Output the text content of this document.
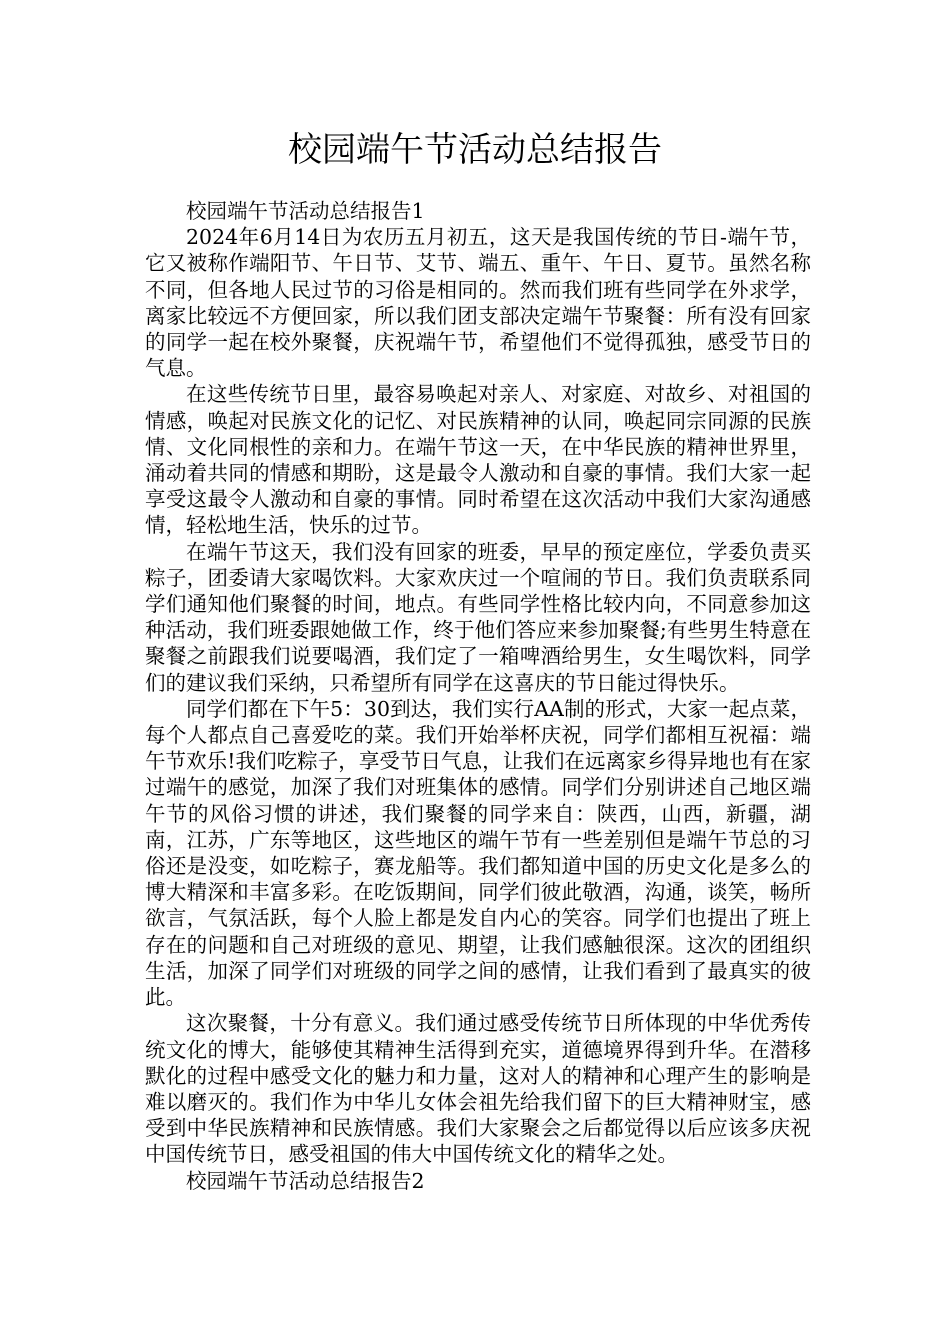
校园端午节活动总结报告

校园端午节活动总结报告1

2024年6月14日为农历五月初五，这天是我国传统的节日-端午节，它又被称作端阳节、午日节、艾节、端五、重午、午日、夏节。虽然名称不同，但各地人民过节的习俗是相同的。然而我们班有些同学在外求学，离家比较远不方便回家，所以我们团支部决定端午节聚餐：所有没有回家的同学一起在校外聚餐，庆祝端午节，希望他们不觉得孤独，感受节日的气息。

在这些传统节日里，最容易唤起对亲人、对家庭、对故乡、对祖国的情感，唤起对民族文化的记忆、对民族精神的认同，唤起同宗同源的民族情、文化同根性的亲和力。在端午节这一天，在中华民族的精神世界里，涌动着共同的情感和期盼，这是最令人激动和自豪的事情。我们大家一起享受这最令人激动和自豪的事情。同时希望在这次活动中我们大家沟通感情，轻松地生活，快乐的过节。

在端午节这天，我们没有回家的班委，早早的预定座位，学委负责买粽子，团委请大家喝饮料。大家欢庆过一个喧闹的节日。我们负责联系同学们通知他们聚餐的时间，地点。有些同学性格比较内向，不同意参加这种活动，我们班委跟她做工作，终于他们答应来参加聚餐;有些男生特意在聚餐之前跟我们说要喝酒，我们定了一箱啤酒给男生，女生喝饮料，同学们的建议我们采纳，只希望所有同学在这喜庆的节日能过得快乐。

同学们都在下午5：30到达，我们实行AA制的形式，大家一起点菜，每个人都点自己喜爱吃的菜。我们开始举杯庆祝，同学们都相互祝福：端午节欢乐!我们吃粽子，享受节日气息，让我们在远离家乡得异地也有在家过端午的感觉，加深了我们对班集体的感情。同学们分别讲述自己地区端午节的风俗习惯的讲述，我们聚餐的同学来自：陕西，山西，新疆，湖南，江苏，广东等地区，这些地区的端午节有一些差别但是端午节总的习俗还是没变，如吃粽子，赛龙船等。我们都知道中国的历史文化是多么的博大精深和丰富多彩。在吃饭期间，同学们彼此敬酒，沟通，谈笑，畅所欲言，气氛活跃，每个人脸上都是发自内心的笑容。同学们也提出了班上存在的问题和自己对班级的意见、期望，让我们感触很深。这次的团组织生活，加深了同学们对班级的同学之间的感情，让我们看到了最真实的彼此。

这次聚餐，十分有意义。我们通过感受传统节日所体现的中华优秀传统文化的博大，能够使其精神生活得到充实，道德境界得到升华。在潜移默化的过程中感受文化的魅力和力量，这对人的精神和心理产生的影响是难以磨灭的。我们作为中华儿女体会祖先给我们留下的巨大精神财宝，感受到中华民族精神和民族情感。我们大家聚会之后都觉得以后应该多庆祝中国传统节日，感受祖国的伟大中国传统文化的精华之处。

校园端午节活动总结报告2
